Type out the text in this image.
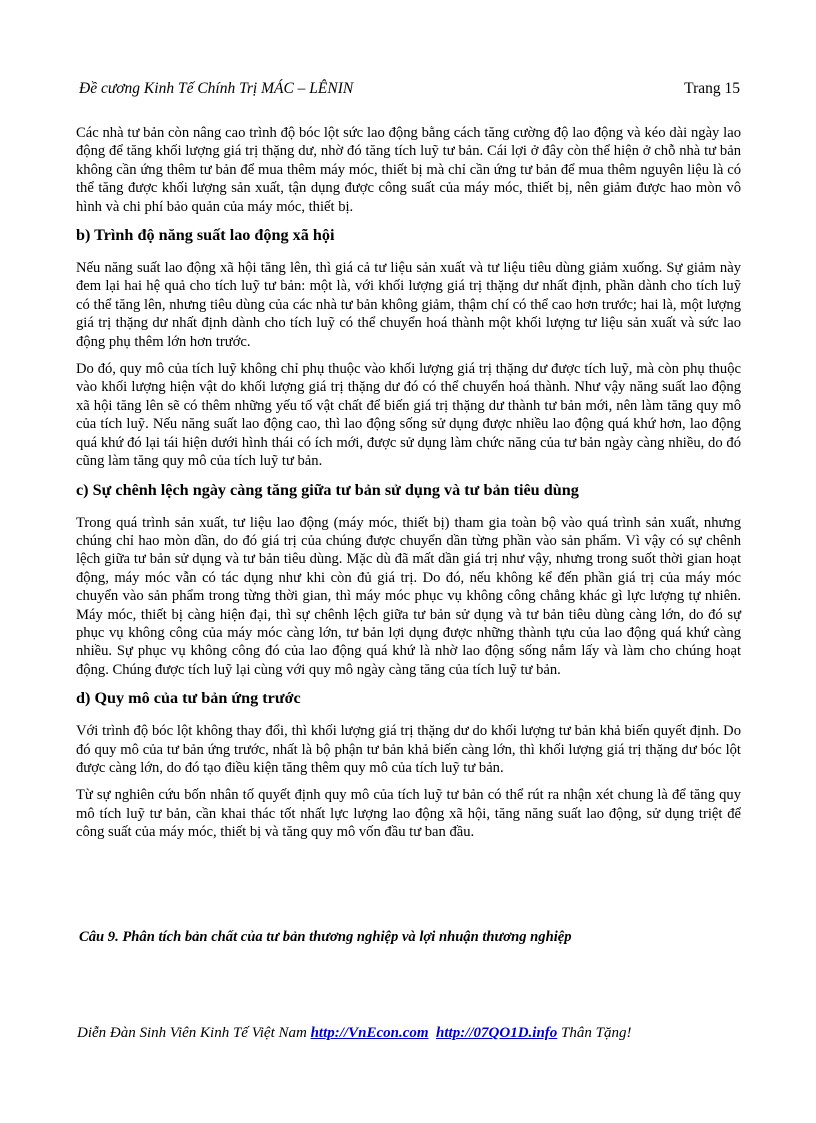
Đề cương Kinh Tế Chính Trị MÁC – LÊNIN	Trang 15

Các nhà tư bản còn nâng cao trình độ bóc lột sức lao động bằng cách tăng cường độ lao động và kéo dài ngày lao động để tăng khối lượng giá trị thặng dư, nhờ đó tăng tích luỹ tư bản. Cái lợi ở đây còn thể hiện ở chỗ nhà tư bản không cần ứng thêm tư bản để mua thêm máy móc, thiết bị mà chỉ cần ứng tư bản để mua thêm nguyên liệu là có thể tăng được khối lượng sản xuất, tận dụng được công suất của máy móc, thiết bị, nên giảm được hao mòn vô hình và chi phí bảo quản của máy móc, thiết bị.

b) Trình độ năng suất lao động xã hội

Nếu năng suất lao động xã hội tăng lên, thì giá cả tư liệu sản xuất và tư liệu tiêu dùng giảm xuống. Sự giảm này đem lại hai hệ quả cho tích luỹ tư bản: một là, với khối lượng giá trị thặng dư nhất định, phần dành cho tích luỹ có thể tăng lên, nhưng tiêu dùng của các nhà tư bản không giảm, thậm chí có thể cao hơn trước; hai là, một lượng giá trị thặng dư nhất định dành cho tích luỹ có thể chuyển hoá thành một khối lượng tư liệu sản xuất và sức lao động phụ thêm lớn hơn trước.

Do đó, quy mô của tích luỹ không chỉ phụ thuộc vào khối lượng giá trị thặng dư được tích luỹ, mà còn phụ thuộc vào khối lượng hiện vật do khối lượng giá trị thặng dư đó có thể chuyển hoá thành. Như vậy năng suất lao động xã hội tăng lên sẽ có thêm những yếu tố vật chất để biến giá trị thặng dư thành tư bản mới, nên làm tăng quy mô của tích luỹ. Nếu năng suất lao động cao, thì lao động sống sử dụng được nhiều lao động quá khứ hơn, lao động quá khứ đó lại tái hiện dưới hình thái có ích mới, được sử dụng làm chức năng của tư bản ngày càng nhiều, do đó cũng làm tăng quy mô của tích luỹ tư bản.

c) Sự chênh lệch ngày càng tăng giữa tư bản sử dụng và tư bản tiêu dùng

Trong quá trình sản xuất, tư liệu lao động (máy móc, thiết bị) tham gia toàn bộ vào quá trình sản xuất, nhưng chúng chỉ hao mòn dần, do đó giá trị của chúng được chuyển dần từng phần vào sản phẩm. Vì vậy có sự chênh lệch giữa tư bản sử dụng và tư bản tiêu dùng. Mặc dù đã mất dần giá trị như vậy, nhưng trong suốt thời gian hoạt động, máy móc vẫn có tác dụng như khi còn đủ giá trị. Do đó, nếu không kể đến phần giá trị của máy móc chuyển vào sản phẩm trong từng thời gian, thì máy móc phục vụ không công chẳng khác gì lực lượng tự nhiên. Máy móc, thiết bị càng hiện đại, thì sự chênh lệch giữa tư bản sử dụng và tư bản tiêu dùng càng lớn, do đó sự phục vụ không công của máy móc càng lớn, tư bản lợi dụng được những thành tựu của lao động quá khứ càng nhiều. Sự phục vụ không công đó của lao động quá khứ là nhờ lao động sống nắm lấy và làm cho chúng hoạt động. Chúng được tích luỹ lại cùng với quy mô ngày càng tăng của tích luỹ tư bản.

d) Quy mô của tư bản ứng trước

Với trình độ bóc lột không thay đổi, thì khối lượng giá trị thặng dư do khối lượng tư bản khả biến quyết định. Do đó quy mô của tư bản ứng trước, nhất là bộ phận tư bản khả biến càng lớn, thì khối lượng giá trị thặng dư bóc lột được càng lớn, do đó tạo điều kiện tăng thêm quy mô của tích luỹ tư bản.

Từ sự nghiên cứu bốn nhân tố quyết định quy mô của tích luỹ tư bản có thể rút ra nhận xét chung là để tăng quy mô tích luỹ tư bản, cần khai thác tốt nhất lực lượng lao động xã hội, tăng năng suất lao động, sử dụng triệt để công suất của máy móc, thiết bị và tăng quy mô vốn đầu tư ban đầu.

Câu 9. Phân tích bản chất của tư bản thương nghiệp và lợi nhuận thương nghiệp
Diễn Đàn Sinh Viên Kinh Tế Việt Nam http://VnEcon.com http://07QO1D.info Thân Tặng!
